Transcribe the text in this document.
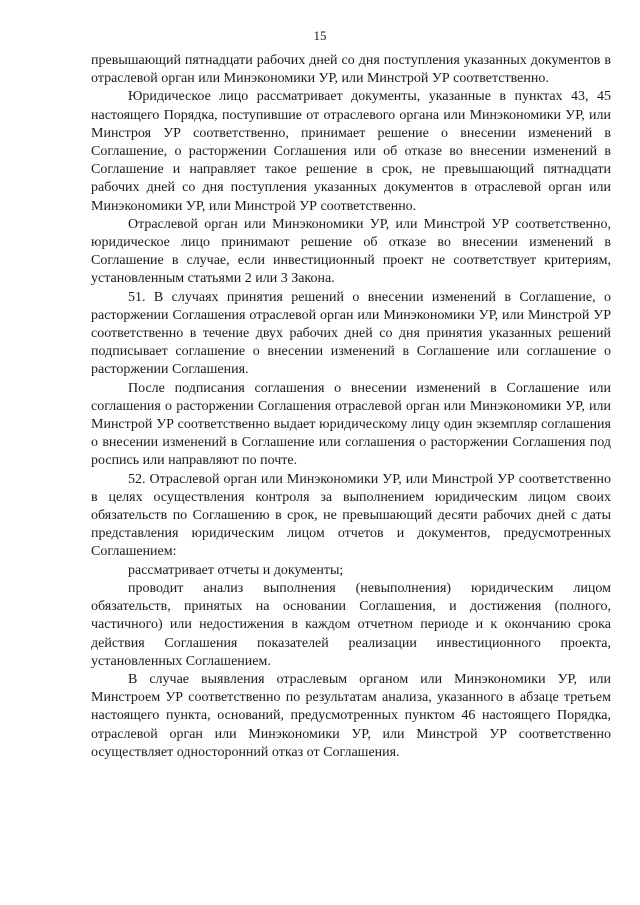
15

превышающий пятнадцати рабочих дней со дня поступления указанных документов в отраслевой орган или Минэкономики УР, или Минстрой УР соответственно.

Юридическое лицо рассматривает документы, указанные в пунктах 43, 45 настоящего Порядка, поступившие от отраслевого органа или Минэкономики УР, или Минстроя УР соответственно, принимает решение о внесении изменений в Соглашение, о расторжении Соглашения или об отказе во внесении изменений в Соглашение и направляет такое решение в срок, не превышающий пятнадцати рабочих дней со дня поступления указанных документов в отраслевой орган или Минэкономики УР, или Минстрой УР соответственно.

Отраслевой орган или Минэкономики УР, или Минстрой УР соответственно, юридическое лицо принимают решение об отказе во внесении изменений в Соглашение в случае, если инвестиционный проект не соответствует критериям, установленным статьями 2 или 3 Закона.

51. В случаях принятия решений о внесении изменений в Соглашение, о расторжении Соглашения отраслевой орган или Минэкономики УР, или Минстрой УР соответственно в течение двух рабочих дней со дня принятия указанных решений подписывает соглашение о внесении изменений в Соглашение или соглашение о расторжении Соглашения.

После подписания соглашения о внесении изменений в Соглашение или соглашения о расторжении Соглашения отраслевой орган или Минэкономики УР, или Минстрой УР соответственно выдает юридическому лицу один экземпляр соглашения о внесении изменений в Соглашение или соглашения о расторжении Соглашения под роспись или направляют по почте.

52. Отраслевой орган или Минэкономики УР, или Минстрой УР соответственно в целях осуществления контроля за выполнением юридическим лицом своих обязательств по Соглашению в срок, не превышающий десяти рабочих дней с даты представления юридическим лицом отчетов и документов, предусмотренных Соглашением:

рассматривает отчеты и документы;

проводит анализ выполнения (невыполнения) юридическим лицом обязательств, принятых на основании Соглашения, и достижения (полного, частичного) или недостижения в каждом отчетном периоде и к окончанию срока действия Соглашения показателей реализации инвестиционного проекта, установленных Соглашением.

В случае выявления отраслевым органом или Минэкономики УР, или Минстроем УР соответственно по результатам анализа, указанного в абзаце третьем настоящего пункта, оснований, предусмотренных пунктом 46 настоящего Порядка, отраслевой орган или Минэкономики УР, или Минстрой УР соответственно осуществляет односторонний отказ от Соглашения.
